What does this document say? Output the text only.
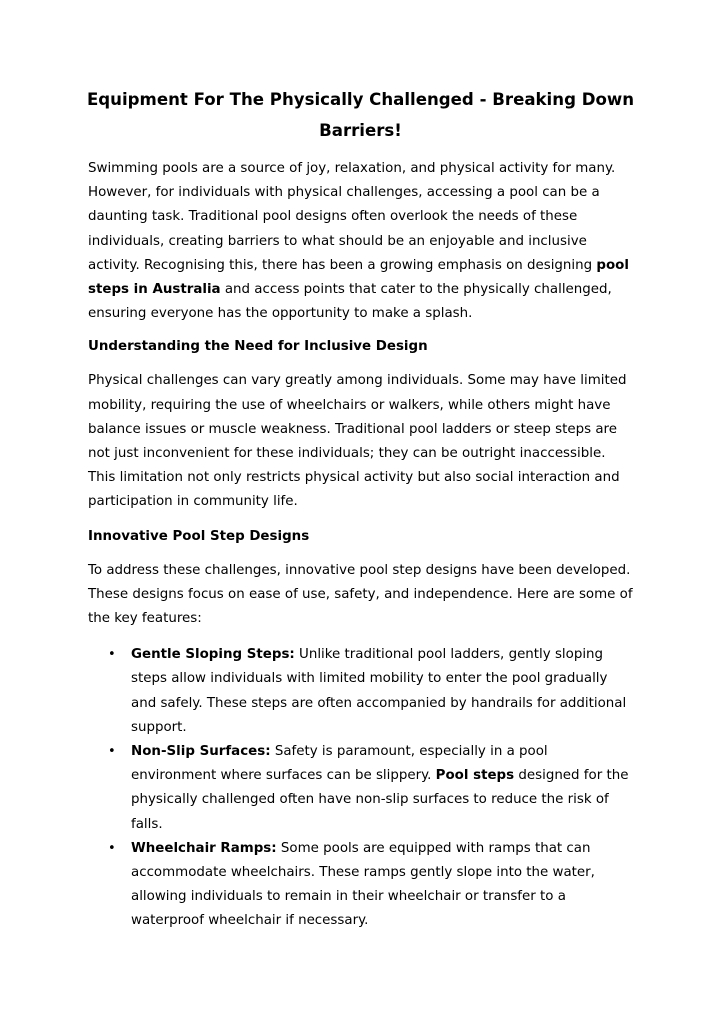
Equipment For The Physically Challenged - Breaking Down Barriers!

Swimming pools are a source of joy, relaxation, and physical activity for many. However, for individuals with physical challenges, accessing a pool can be a daunting task. Traditional pool designs often overlook the needs of these individuals, creating barriers to what should be an enjoyable and inclusive activity. Recognising this, there has been a growing emphasis on designing pool steps in Australia and access points that cater to the physically challenged, ensuring everyone has the opportunity to make a splash.

Understanding the Need for Inclusive Design

Physical challenges can vary greatly among individuals. Some may have limited mobility, requiring the use of wheelchairs or walkers, while others might have balance issues or muscle weakness. Traditional pool ladders or steep steps are not just inconvenient for these individuals; they can be outright inaccessible. This limitation not only restricts physical activity but also social interaction and participation in community life.

Innovative Pool Step Designs

To address these challenges, innovative pool step designs have been developed. These designs focus on ease of use, safety, and independence. Here are some of the key features:

• Gentle Sloping Steps: Unlike traditional pool ladders, gently sloping steps allow individuals with limited mobility to enter the pool gradually and safely. These steps are often accompanied by handrails for additional support.
• Non-Slip Surfaces: Safety is paramount, especially in a pool environment where surfaces can be slippery. Pool steps designed for the physically challenged often have non-slip surfaces to reduce the risk of falls.
• Wheelchair Ramps: Some pools are equipped with ramps that can accommodate wheelchairs. These ramps gently slope into the water, allowing individuals to remain in their wheelchair or transfer to a waterproof wheelchair if necessary.
